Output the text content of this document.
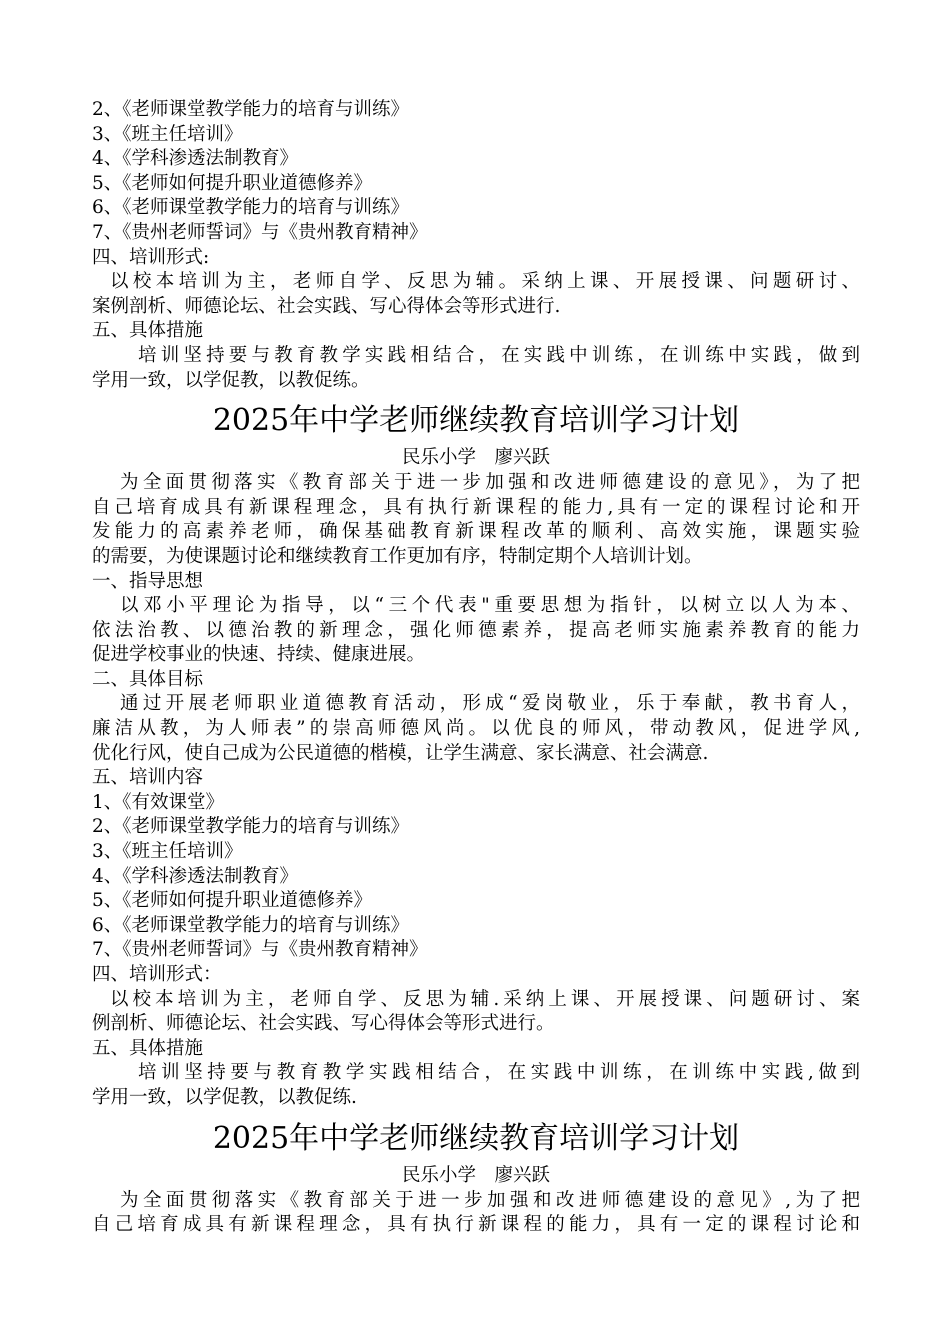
2、《老师课堂教学能力的培育与训练》
3、《班主任培训》
4、《学科渗透法制教育》
5、《老师如何提升职业道德修养》
6、《老师课堂教学能力的培育与训练》
7、《贵州老师誓词》与《贵州教育精神》
四、培训形式:
以校本培训为主，老师自学、反思为辅。采纳上课、开展授课、问题研讨、
案例剖析、师德论坛、社会实践、写心得体会等形式进行.
五、具体措施
培训坚持要与教育教学实践相结合，在实践中训练，在训练中实践，做到
学用一致，以学促教，以教促练。
2025年中学老师继续教育培训学习计划
民乐小学　廖兴跃
为全面贯彻落实《教育部关于进一步加强和改进师德建设的意见》，为了把
自己培育成具有新课程理念，具有执行新课程的能力,具有一定的课程讨论和开
发能力的高素养老师，确保基础教育新课程改革的顺利、高效实施，课题实验
的需要，为使课题讨论和继续教育工作更加有序，特制定期个人培训计划。
一、指导思想
以邓小平理论为指导，以“三个代表"重要思想为指针，以树立以人为本、
依法治教、以德治教的新理念，强化师德素养，提高老师实施素养教育的能力
促进学校事业的快速、持续、健康进展。
二、具体目标
通过开展老师职业道德教育活动，形成“爱岗敬业，乐于奉献，教书育人，
廉洁从教，为人师表”的崇高师德风尚。以优良的师风，带动教风，促进学风,
优化行风，使自己成为公民道德的楷模，让学生满意、家长满意、社会满意.
五、培训内容
1、《有效课堂》
2、《老师课堂教学能力的培育与训练》
3、《班主任培训》
4、《学科渗透法制教育》
5、《老师如何提升职业道德修养》
6、《老师课堂教学能力的培育与训练》
7、《贵州老师誓词》与《贵州教育精神》
四、培训形式：
以校本培训为主，老师自学、反思为辅.采纳上课、开展授课、问题研讨、案
例剖析、师德论坛、社会实践、写心得体会等形式进行。
五、具体措施
培训坚持要与教育教学实践相结合，在实践中训练，在训练中实践,做到
学用一致，以学促教，以教促练.
2025年中学老师继续教育培训学习计划
民乐小学　廖兴跃
为全面贯彻落实《教育部关于进一步加强和改进师德建设的意见》,为了把
自己培育成具有新课程理念，具有执行新课程的能力，具有一定的课程讨论和
